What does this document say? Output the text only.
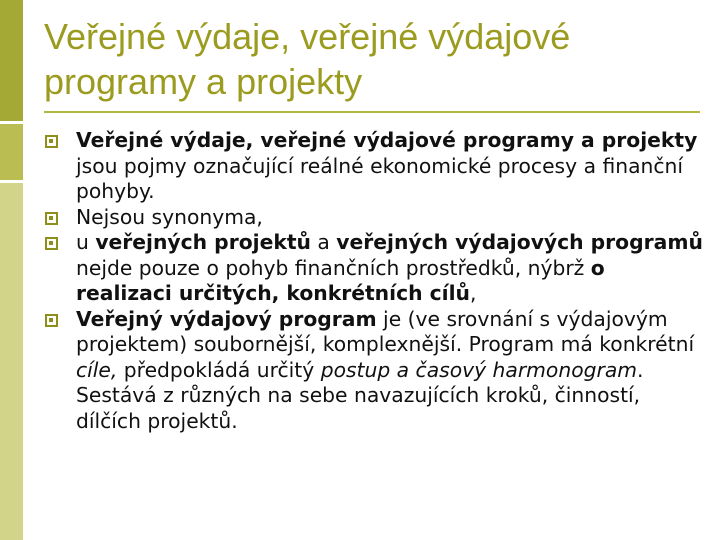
Veřejné výdaje, veřejné výdajové programy a projekty
Veřejné výdaje, veřejné výdajové programy a projekty jsou pojmy označující reálné ekonomické procesy a finanční pohyby.
Nejsou synonyma,
u veřejných projektů a veřejných výdajových programů nejde pouze o pohyb finančních prostředků, nýbrž o realizaci určitých, konkrétních cílů,
Veřejný výdajový program je (ve srovnání s výdajovým projektem) soubornější, komplexnější. Program má konkrétní cíle, předpokládá určitý postup a časový harmonogram. Sestává z různých na sebe navazujících kroků, činností, dílčích projektů.
